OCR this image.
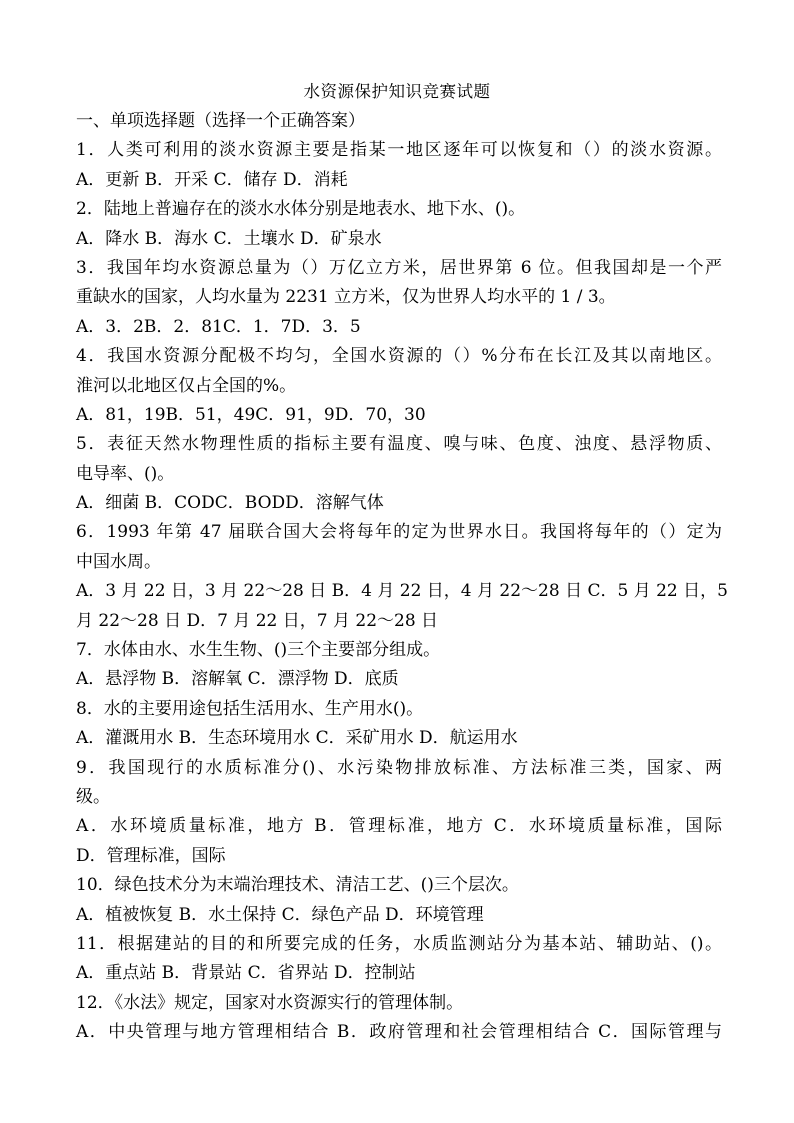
水资源保护知识竞赛试题
一、单项选择题（选择一个正确答案）
1．人类可利用的淡水资源主要是指某一地区逐年可以恢复和（）的淡水资源。
A．更新 B．开采 C．储存 D．消耗
2．陆地上普遍存在的淡水水体分别是地表水、地下水、()。
A．降水 B．海水 C．土壤水 D．矿泉水
3．我国年均水资源总量为（）万亿立方米，居世界第 6 位。但我国却是一个严
重缺水的国家，人均水量为 2231 立方米，仅为世界人均水平的 1 / 3。
A．3．2B．2．81C．1．7D．3．5
4．我国水资源分配极不均匀，全国水资源的（）%分布在长江及其以南地区。
淮河以北地区仅占全国的%。
A．81，19B．51，49C．91，9D．70，30
5．表征天然水物理性质的指标主要有温度、嗅与味、色度、浊度、悬浮物质、
电导率、()。
A．细菌 B．CODC．BODD．溶解气体
6．1993 年第 47 届联合国大会将每年的定为世界水日。我国将每年的（）定为
中国水周。
A．3 月 22 日，3 月 22～28 日 B．4 月 22 日，4 月 22～28 日 C．5 月 22 日，5
月 22～28 日 D．7 月 22 日，7 月 22～28 日
7．水体由水、水生生物、()三个主要部分组成。
A．悬浮物 B．溶解氧 C．漂浮物 D．底质
8．水的主要用途包括生活用水、生产用水()。
A．灌溉用水 B．生态环境用水 C．采矿用水 D．航运用水
9．我国现行的水质标准分()、水污染物排放标准、方法标准三类，国家、两
级。
A．水环境质量标准，地方 B．管理标准，地方 C．水环境质量标准，国际
D．管理标准，国际
10．绿色技术分为末端治理技术、清洁工艺、()三个层次。
A．植被恢复 B．水土保持 C．绿色产品 D．环境管理
11．根据建站的目的和所要完成的任务，水质监测站分为基本站、辅助站、()。
A．重点站 B．背景站 C．省界站 D．控制站
12．《水法》规定，国家对水资源实行的管理体制。
A．中央管理与地方管理相结合 B．政府管理和社会管理相结合 C．国际管理与
